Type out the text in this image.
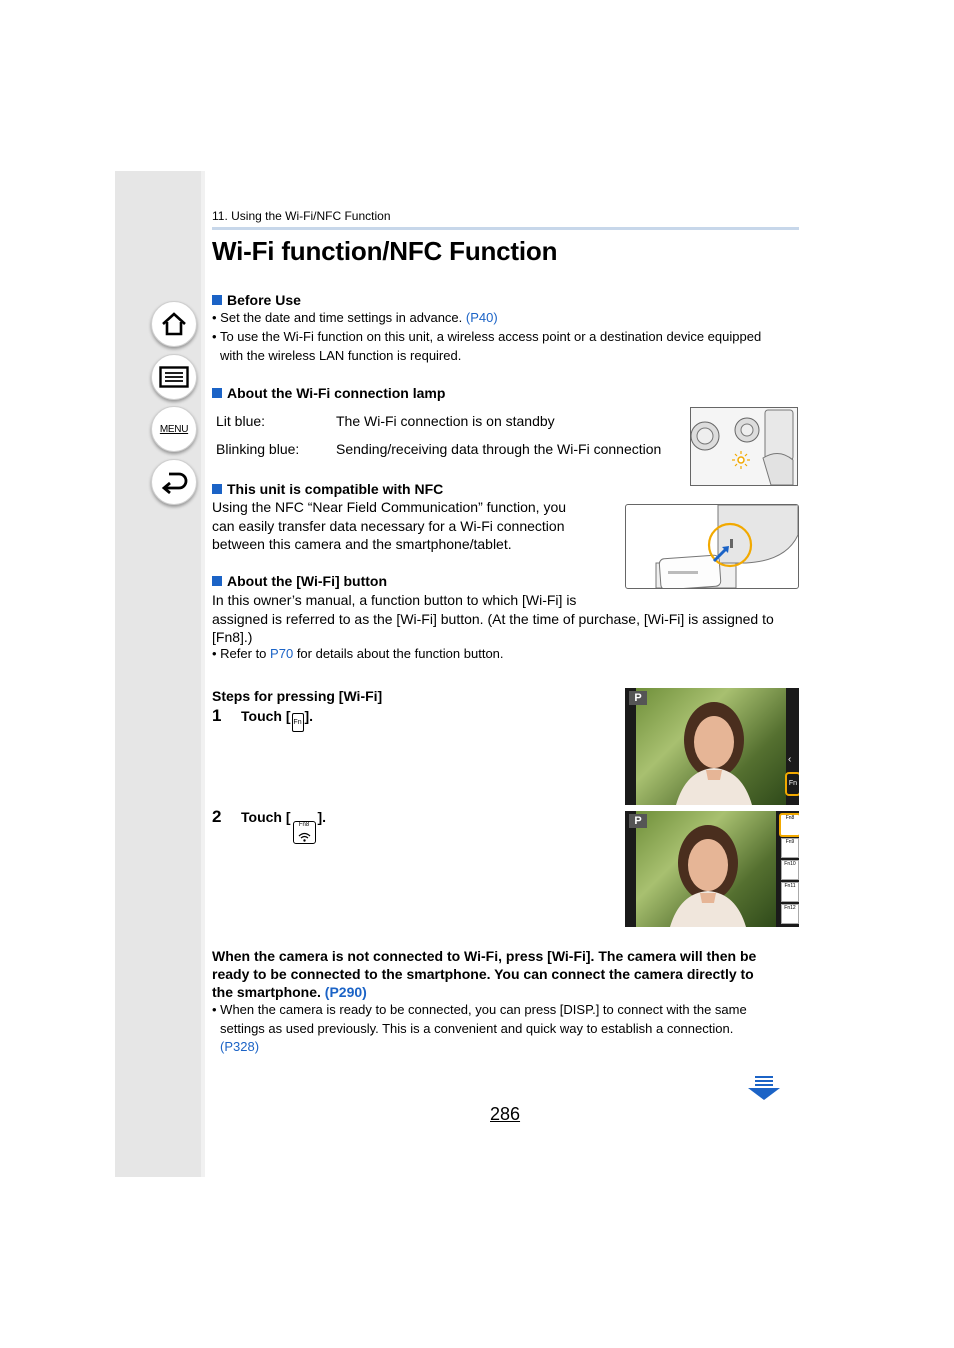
MENU
11. Using the Wi-Fi/NFC Function
Wi-Fi function/NFC Function
Before Use
• Set the date and time settings in advance. (P40)
• To use the Wi-Fi function on this unit, a wireless access point or a destination device equipped
with the wireless LAN function is required.
About the Wi-Fi connection lamp
Lit blue:	The Wi-Fi connection is on standby
Blinking blue:	Sending/receiving data through the Wi-Fi connection
This unit is compatible with NFC
Using the NFC “Near Field Communication” function, you
can easily transfer data necessary for a Wi-Fi connection
between this camera and the smartphone/tablet.
About the [Wi-Fi] button
In this owner’s manual, a function button to which [Wi-Fi] is
assigned is referred to as the [Wi-Fi] button. (At the time of purchase, [Wi-Fi] is assigned to
[Fn8].)
• Refer to P70 for details about the function button.
Steps for pressing [Wi-Fi]
1	Touch [ Fn ].
2	Touch [	Fn8 ].
P
Fn
‹
P	Fn8
Fn9
Fn10
Fn11
Fn12
When the camera is not connected to Wi-Fi, press [Wi-Fi]. The camera will then be
ready to be connected to the smartphone. You can connect the camera directly to
the smartphone. (P290)
• When the camera is ready to be connected, you can press [DISP.] to connect with the same
settings as used previously. This is a convenient and quick way to establish a connection.
(P328)
286
